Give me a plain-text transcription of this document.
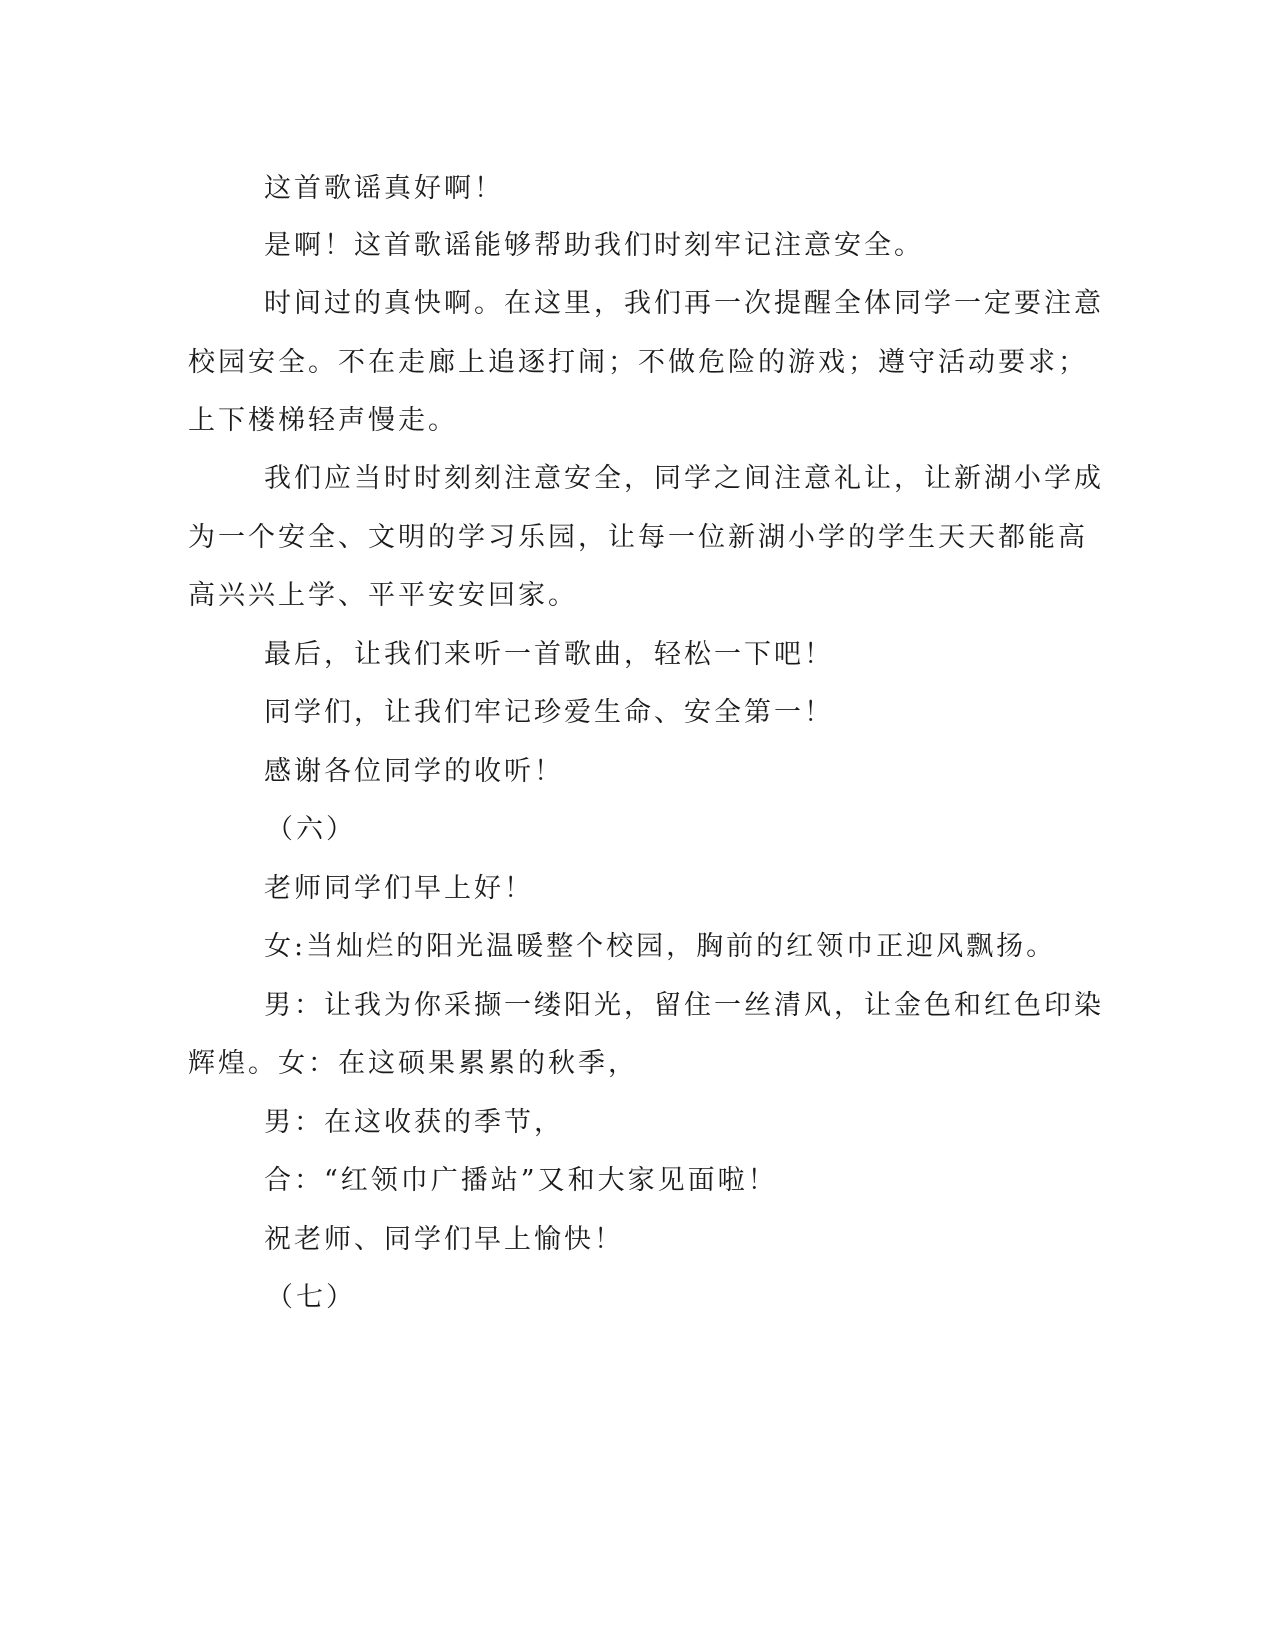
这首歌谣真好啊！
是啊！这首歌谣能够帮助我们时刻牢记注意安全。
时间过的真快啊。在这里，我们再一次提醒全体同学一定要注意
校园安全。不在走廊上追逐打闹；不做危险的游戏；遵守活动要求；
上下楼梯轻声慢走。
我们应当时时刻刻注意安全，同学之间注意礼让，让新湖小学成
为一个安全、文明的学习乐园，让每一位新湖小学的学生天天都能高
高兴兴上学、平平安安回家。
最后，让我们来听一首歌曲，轻松一下吧！
同学们，让我们牢记珍爱生命、安全第一！
感谢各位同学的收听！
（六）
老师同学们早上好！
女:当灿烂的阳光温暖整个校园，胸前的红领巾正迎风飘扬。
男：让我为你采撷一缕阳光，留住一丝清风，让金色和红色印染
辉煌。女：在这硕果累累的秋季，
男：在这收获的季节，
合：“红领巾广播站”又和大家见面啦！
祝老师、同学们早上愉快！
（七）
